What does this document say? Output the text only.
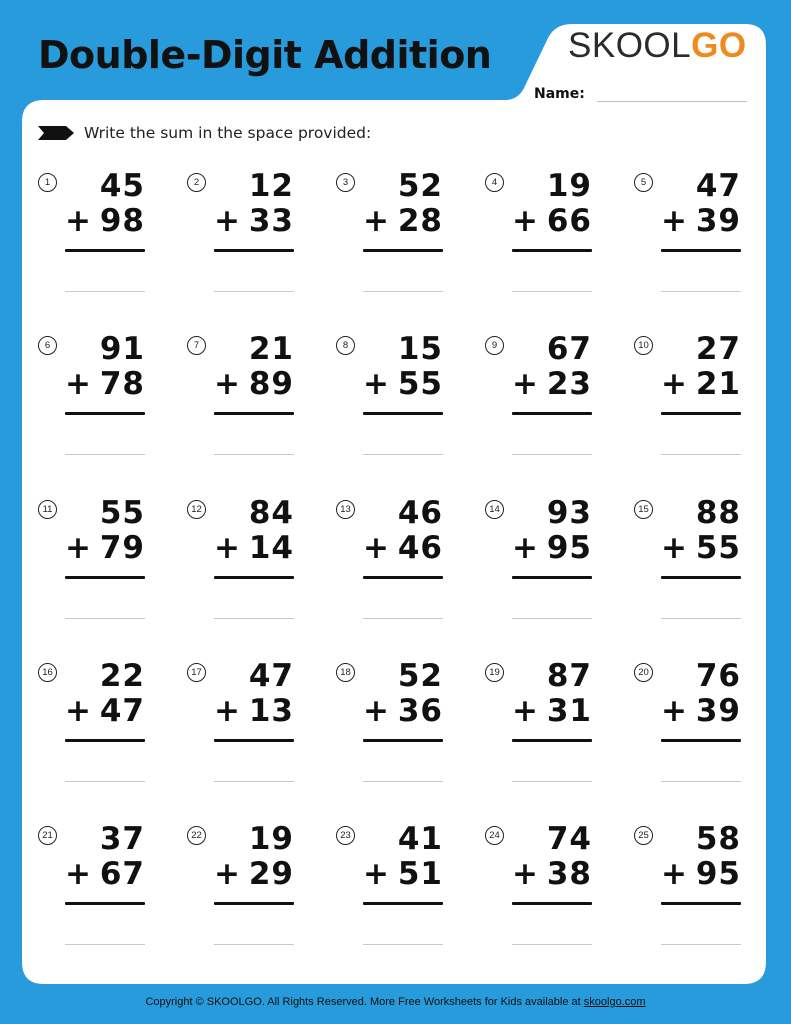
Double-Digit Addition SKOOLGO
Name:
Write the sum in the space provided:
1 45
+ 98
2 12
+ 33
3 52
+ 28
4 19
+ 66
5 47
+ 39
6 91
+ 78
7 21
+ 89
8 15
+ 55
9 67
+ 23
10 27
+ 21
11 55
+ 79
12 84
+ 14
13 46
+ 46
14 93
+ 95
15 88
+ 55
16 22
+ 47
17 47
+ 13
18 52
+ 36
19 87
+ 31
20 76
+ 39
21 37
+ 67
22 19
+ 29
23 41
+ 51
24 74
+ 38
25 58
+ 95
Copyright © SKOOLGO. All Rights Reserved. More Free Worksheets for Kids available at skoolgo.com
